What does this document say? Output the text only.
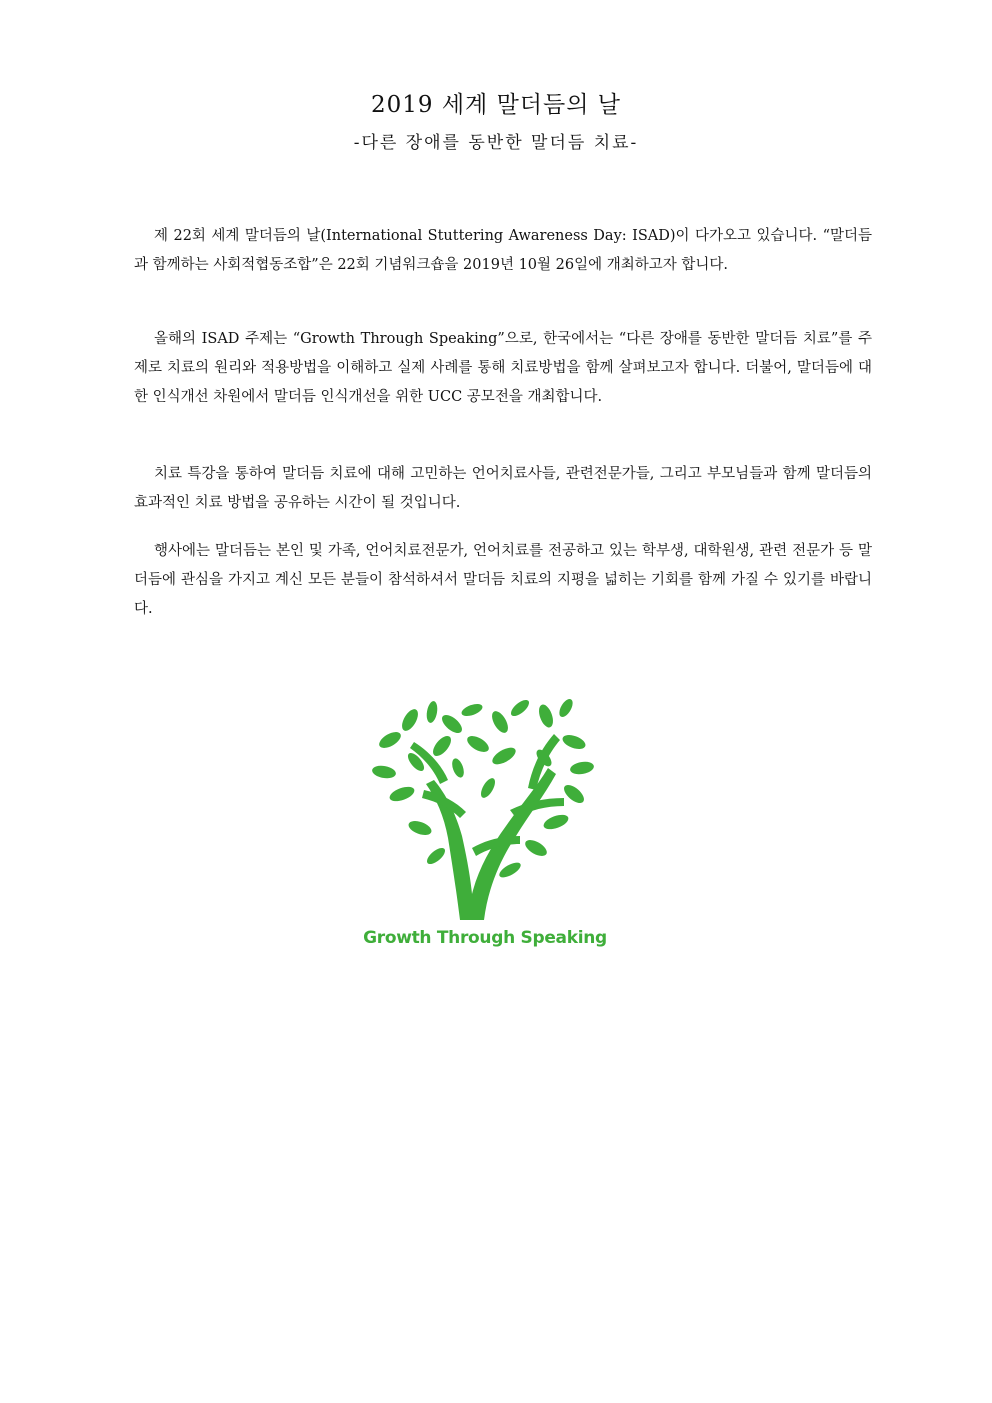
2019 세계 말더듬의 날
-다른 장애를 동반한 말더듬 치료-

제 22회 세계 말더듬의 날(International Stuttering Awareness Day: ISAD)이 다가오고 있습니다. “말더듬과 함께하는 사회적협동조합”은 22회 기념워크숍을 2019년 10월 26일에 개최하고자 합니다.

올해의 ISAD 주제는 “Growth Through Speaking”으로, 한국에서는 “다른 장애를 동반한 말더듬 치료”를 주제로 치료의 원리와 적용방법을 이해하고 실제 사례를 통해 치료방법을 함께 살펴보고자 합니다. 더불어, 말더듬에 대한 인식개선 차원에서 말더듬 인식개선을 위한 UCC 공모전을 개최합니다.

치료 특강을 통하여 말더듬 치료에 대해 고민하는 언어치료사들, 관련전문가들, 그리고 부모님들과 함께 말더듬의 효과적인 치료 방법을 공유하는 시간이 될 것입니다.

행사에는 말더듬는 본인 및 가족, 언어치료전문가, 언어치료를 전공하고 있는 학부생, 대학원생, 관련 전문가 등 말더듬에 관심을 가지고 계신 모든 분들이 참석하셔서 말더듬 치료의 지평을 넓히는 기회를 함께 가질 수 있기를 바랍니다.

Growth Through Speaking
